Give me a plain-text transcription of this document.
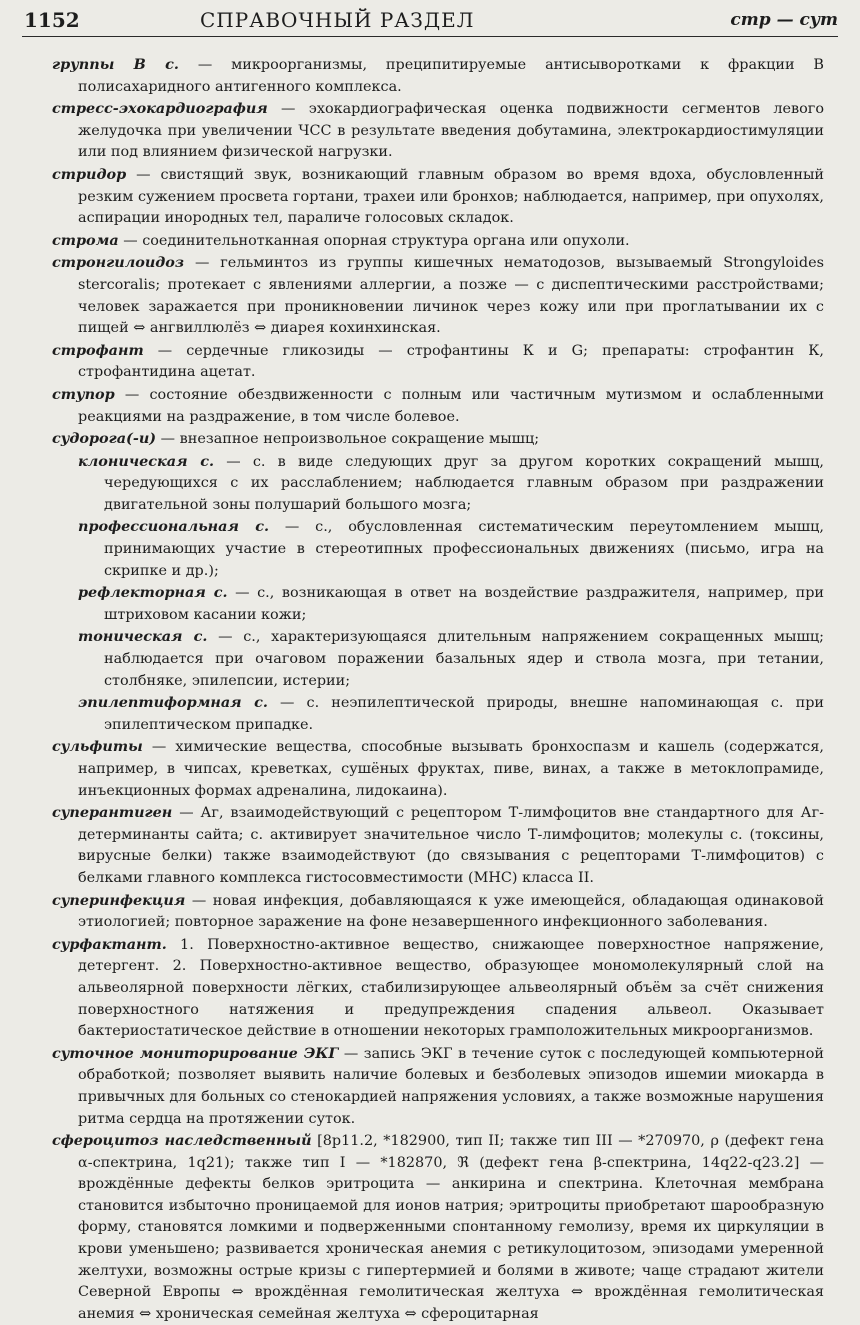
1152	СПРАВОЧНЫЙ РАЗДЕЛ	стр — сут

группы В с. — микроорганизмы, преципитируемые антисыворотками к фракции В полисахаридного антигенного комплекса.

стресс-эхокардиография — эхокардиографическая оценка подвижности сегментов левого желудочка при увеличении ЧСС в результате введения добутамина, электрокардиостимуляции или под влиянием физической нагрузки.

стридор — свистящий звук, возникающий главным образом во время вдоха, обусловленный резким сужением просвета гортани, трахеи или бронхов; наблюдается, например, при опухолях, аспирации инородных тел, параличе голосовых складок.

строма — соединительнотканная опорная структура органа или опухоли.

стронгилоидоз — гельминтоз из группы кишечных нематодозов, вызываемый Strongyloides stercoralis; протекает с явлениями аллергии, а позже — с диспептическими расстройствами; человек заражается при проникновении личинок через кожу или при проглатывании их с пищей ⇔ ангвиллюлёз ⇔ диарея кохинхинская.

строфант — сердечные гликозиды — строфантины К и G; препараты: строфантин К, строфантидина ацетат.

ступор — состояние обездвиженности с полным или частичным мутизмом и ослабленными реакциями на раздражение, в том числе болевое.

судорога(-и) — внезапное непроизвольное сокращение мышц;

клоническая с. — с. в виде следующих друг за другом коротких сокращений мышц, чередующихся с их расслаблением; наблюдается главным образом при раздражении двигательной зоны полушарий большого мозга;

профессиональная с. — с., обусловленная систематическим переутомлением мышц, принимающих участие в стереотипных профессиональных движениях (письмо, игра на скрипке и др.);

рефлекторная с. — с., возникающая в ответ на воздействие раздражителя, например, при штриховом касании кожи;

тоническая с. — с., характеризующаяся длительным напряжением сокращенных мышц; наблюдается при очаговом поражении базальных ядер и ствола мозга, при тетании, столбняке, эпилепсии, истерии;

эпилептиформная с. — с. неэпилептической природы, внешне напоминающая с. при эпилептическом припадке.

сульфиты — химические вещества, способные вызывать бронхоспазм и кашель (содержатся, например, в чипсах, креветках, сушёных фруктах, пиве, винах, а также в метоклопрамиде, инъекционных формах адреналина, лидокаина).

суперантиген — Аг, взаимодействующий с рецептором Т-лимфоцитов вне стандартного для Аг-детерминанты сайта; с. активирует значительное число Т-лимфоцитов; молекулы с. (токсины, вирусные белки) также взаимодействуют (до связывания с рецепторами Т-лимфоцитов) с белками главного комплекса гистосовместимости (МНС) класса II.

суперинфекция — новая инфекция, добавляющаяся к уже имеющейся, обладающая одинаковой этиологией; повторное заражение на фоне незавершенного инфекционного заболевания.

сурфактант. 1. Поверхностно-активное вещество, снижающее поверхностное напряжение, детергент. 2. Поверхностно-активное вещество, образующее мономолекулярный слой на альвеолярной поверхности лёгких, стабилизирующее альвеолярный объём за счёт снижения поверхностного натяжения и предупреждения спадения альвеол. Оказывает бактериостатическое действие в отношении некоторых грамположительных микроорганизмов.

суточное мониторирование ЭКГ — запись ЭКГ в течение суток с последующей компьютерной обработкой; позволяет выявить наличие болевых и безболевых эпизодов ишемии миокарда в привычных для больных со стенокардией напряжения условиях, а также возможные нарушения ритма сердца на протяжении суток.

сфероцитоз наследственный [8p11.2, *182900, тип II; также тип III — *270970, ρ (дефект гена α-спектрина, 1q21); также тип I — *182870, ℜ (дефект гена β-спектрина, 14q22-q23.2] — врождённые дефекты белков эритроцита — анкирина и спектрина. Клеточная мембрана становится избыточно проницаемой для ионов натрия; эритроциты приобретают шарообразную форму, становятся ломкими и подверженными спонтанному гемолизу, время их циркуляции в крови уменьшено; развивается хроническая анемия с ретикулоцитозом, эпизодами умеренной желтухи, возможны острые кризы с гипертермией и болями в животе; чаще страдают жители Северной Европы ⇔ врождённая гемолитическая желтуха ⇔ врождённая гемолитическая анемия ⇔ хроническая семейная желтуха ⇔ сфероцитарная
